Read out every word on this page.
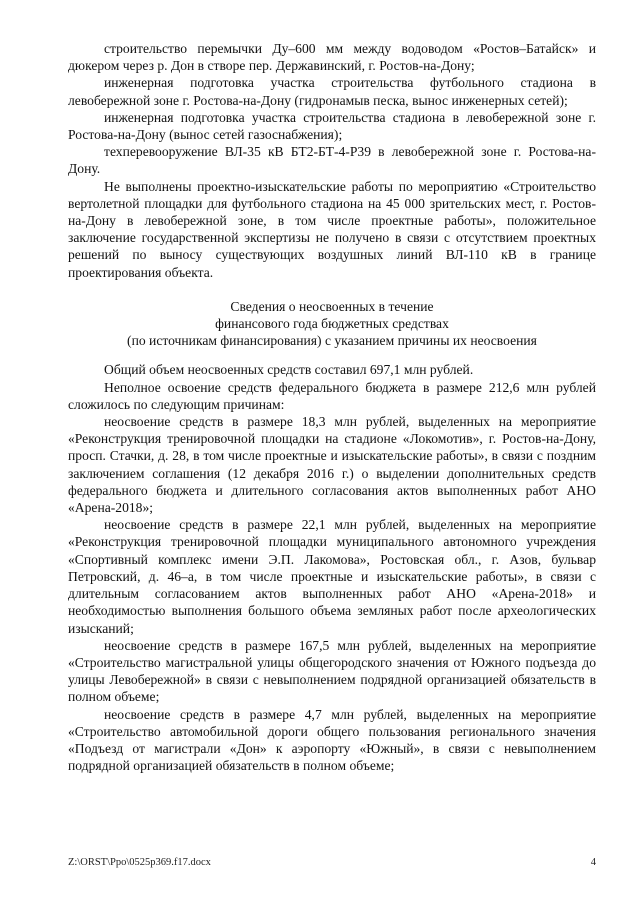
строительство перемычки Ду–600 мм между водоводом «Ростов–Батайск» и дюкером через р. Дон в створе пер. Державинский, г. Ростов-на-Дону;

инженерная подготовка участка строительства футбольного стадиона в левобережной зоне г. Ростова-на-Дону (гидронамыв песка, вынос инженерных сетей);

инженерная подготовка участка строительства стадиона в левобережной зоне г. Ростова-на-Дону (вынос сетей газоснабжения);

техперевооружение ВЛ-35 кВ БТ2-БТ-4-Р39 в левобережной зоне г. Ростова-на-Дону.

Не выполнены проектно-изыскательские работы по мероприятию «Строительство вертолетной площадки для футбольного стадиона на 45 000 зрительских мест, г. Ростов-на-Дону в левобережной зоне, в том числе проектные работы», положительное заключение государственной экспертизы не получено в связи с отсутствием проектных решений по выносу существующих воздушных линий ВЛ-110 кВ в границе проектирования объекта.

Сведения о неосвоенных в течение

финансового года бюджетных средствах

(по источникам финансирования) с указанием причины их неосвоения

Общий объем неосвоенных средств составил 697,1 млн рублей.

Неполное освоение средств федерального бюджета в размере 212,6 млн рублей сложилось по следующим причинам:

неосвоение средств в размере 18,3 млн рублей, выделенных на мероприятие «Реконструкция тренировочной площадки на стадионе «Локомотив», г. Ростов-на-Дону, просп. Стачки, д. 28, в том числе проектные и изыскательские работы», в связи с поздним заключением соглашения (12 декабря 2016 г.) о выделении дополнительных средств федерального бюджета и длительного согласования актов выполненных работ АНО «Арена-2018»;

неосвоение средств в размере 22,1 млн рублей, выделенных на мероприятие «Реконструкция тренировочной площадки муниципального автономного учреждения «Спортивный комплекс имени Э.П. Лакомова», Ростовская обл., г. Азов, бульвар Петровский, д. 46–а, в том числе проектные и изыскательские работы», в связи с длительным согласованием актов выполненных работ АНО «Арена-2018» и необходимостью выполнения большого объема земляных работ после археологических изысканий;

неосвоение средств в размере 167,5 млн рублей, выделенных на мероприятие «Строительство магистральной улицы общегородского значения от Южного подъезда до улицы Левобережной» в связи с невыполнением подрядной организацией обязательств в полном объеме;

неосвоение средств в размере 4,7 млн рублей, выделенных на мероприятие «Строительство автомобильной дороги общего пользования регионального значения «Подъезд от магистрали «Дон» к аэропорту «Южный», в связи с невыполнением подрядной организацией обязательств в полном объеме;

Z:\ORST\Ppo\0525p369.f17.docx	4
